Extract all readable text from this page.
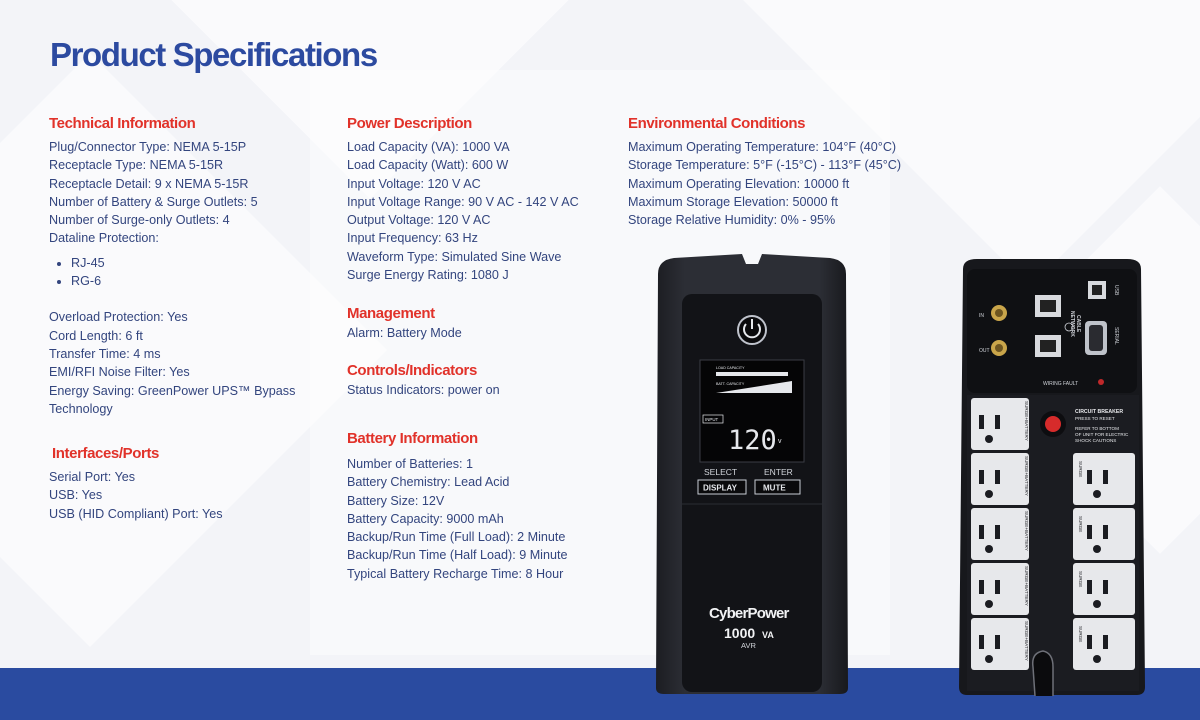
Product Specifications
Technical Information

Plug/Connector Type: NEMA 5-15P

Receptacle Type: NEMA 5-15R

Receptacle Detail: 9 x NEMA 5-15R

Number of Battery & Surge Outlets: 5

Number of Surge-only Outlets: 4

Dataline Protection:

• RJ-45
• RG-6

Overload Protection: Yes

Cord Length: 6 ft

Transfer Time: 4 ms

EMI/RFI Noise Filter: Yes

Energy Saving: GreenPower UPS™ Bypass Technology

Interfaces/Ports

Serial Port: Yes

USB: Yes

USB (HID Compliant) Port: Yes

Power Description

Load Capacity (VA): 1000 VA

Load Capacity (Watt): 600 W

Input Voltage: 120 V AC

Input Voltage Range: 90 V AC - 142 V AC

Output Voltage: 120 V AC

Input Frequency: 63 Hz

Waveform Type: Simulated Sine Wave

Surge Energy Rating: 1080 J

Management

Alarm: Battery Mode

Controls/Indicators

Status Indicators: power on

Battery Information

Number of Batteries: 1

Battery Chemistry: Lead Acid

Battery Size: 12V

Battery Capacity: 9000 mAh

Backup/Run Time (Full Load): 2 Minute

Backup/Run Time (Half Load): 9 Minute

Typical Battery Recharge Time: 8 Hour

Environmental Conditions

Maximum Operating Temperature: 104°F (40°C)

Storage Temperature: 5°F (-15°C) - 113°F (45°C)

Maximum Operating Elevation: 10000 ft

Maximum Storage Elevation: 50000 ft

Storage Relative Humidity: 0% - 95%

LOAD CAPACITY
BATT. CAPACITY
INPUT
120 v
SELECT	ENTER
DISPLAY	MUTE
CyberPower
1000 VA
AVR
IN
OUT
NETWORK CABLE
USB
SERIAL
WIRING FAULT
SURGE+BATTERY
SURGE+BATTERY
SURGE+BATTERY
SURGE+BATTERY
SURGE+BATTERY
SURGE
SURGE
SURGE
SURGE
CIRCUIT BREAKER
PRESS TO RESET
REFER TO BOTTOM
OF UNIT FOR ELECTRIC
SHOCK CAUTIONS
